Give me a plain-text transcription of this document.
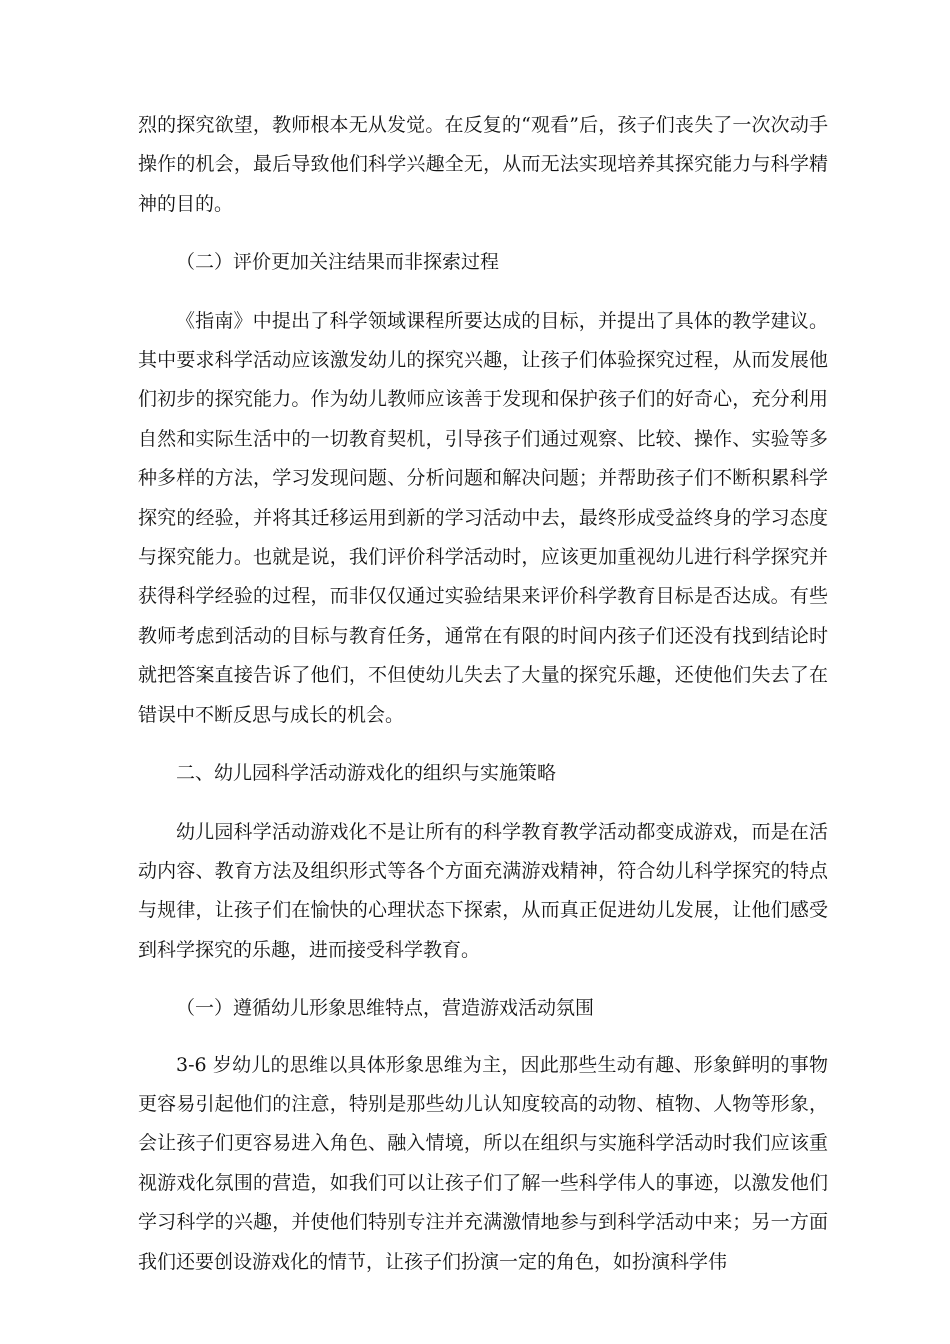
烈的探究欲望，教师根本无从发觉。在反复的“观看”后，孩子们丧失了一次次动手操作的机会，最后导致他们科学兴趣全无，从而无法实现培养其探究能力与科学精神的目的。

（二）评价更加关注结果而非探索过程

《指南》中提出了科学领域课程所要达成的目标，并提出了具体的教学建议。其中要求科学活动应该激发幼儿的探究兴趣，让孩子们体验探究过程，从而发展他们初步的探究能力。作为幼儿教师应该善于发现和保护孩子们的好奇心，充分利用自然和实际生活中的一切教育契机，引导孩子们通过观察、比较、操作、实验等多种多样的方法，学习发现问题、分析问题和解决问题；并帮助孩子们不断积累科学探究的经验，并将其迁移运用到新的学习活动中去，最终形成受益终身的学习态度与探究能力。也就是说，我们评价科学活动时，应该更加重视幼儿进行科学探究并获得科学经验的过程，而非仅仅通过实验结果来评价科学教育目标是否达成。有些教师考虑到活动的目标与教育任务，通常在有限的时间内孩子们还没有找到结论时就把答案直接告诉了他们，不但使幼儿失去了大量的探究乐趣，还使他们失去了在错误中不断反思与成长的机会。

二、幼儿园科学活动游戏化的组织与实施策略

幼儿园科学活动游戏化不是让所有的科学教育教学活动都变成游戏，而是在活动内容、教育方法及组织形式等各个方面充满游戏精神，符合幼儿科学探究的特点与规律，让孩子们在愉快的心理状态下探索，从而真正促进幼儿发展，让他们感受到科学探究的乐趣，进而接受科学教育。

（一）遵循幼儿形象思维特点，营造游戏活动氛围

3-6 岁幼儿的思维以具体形象思维为主，因此那些生动有趣、形象鲜明的事物更容易引起他们的注意，特别是那些幼儿认知度较高的动物、植物、人物等形象，会让孩子们更容易进入角色、融入情境，所以在组织与实施科学活动时我们应该重视游戏化氛围的营造，如我们可以让孩子们了解一些科学伟人的事迹，以激发他们学习科学的兴趣，并使他们特别专注并充满激情地参与到科学活动中来；另一方面我们还要创设游戏化的情节，让孩子们扮演一定的角色，如扮演科学伟
